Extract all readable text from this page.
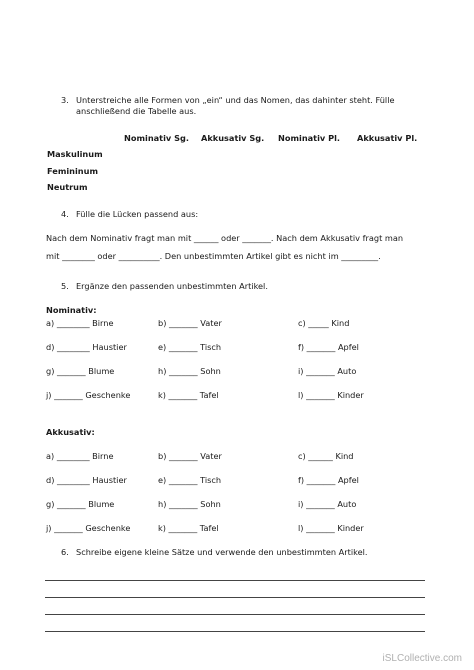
3. Unterstreiche alle Formen von „ein“ und das Nomen, das dahinter steht. Fülle
anschließend die Tabelle aus.
Nominativ Sg. Akkusativ Sg. Nominativ Pl. Akkusativ Pl.
Maskulinum
Femininum
Neutrum
4. Fülle die Lücken passend aus:
Nach dem Nominativ fragt man mit ______ oder _______. Nach dem Akkusativ fragt man
mit ________ oder __________. Den unbestimmten Artikel gibt es nicht im _________.
5. Ergänze den passenden unbestimmten Artikel.
Nominativ:
a) ________ Birne	b) _______ Vater	c) _____ Kind
d) ________ Haustier	e) _______ Tisch	f) _______ Apfel
g) _______ Blume	h) _______ Sohn	i) _______ Auto
j) _______ Geschenke	k) _______ Tafel	l) _______ Kinder
Akkusativ:
a) ________ Birne	b) _______ Vater	c) ______ Kind
d) ________ Haustier	e) _______ Tisch	f) _______ Apfel
g) _______ Blume	h) _______ Sohn	i) _______ Auto
j) _______ Geschenke	k) _______ Tafel	l) _______ Kinder
6. Schreibe eigene kleine Sätze und verwende den unbestimmten Artikel.
iSLCollective.com
